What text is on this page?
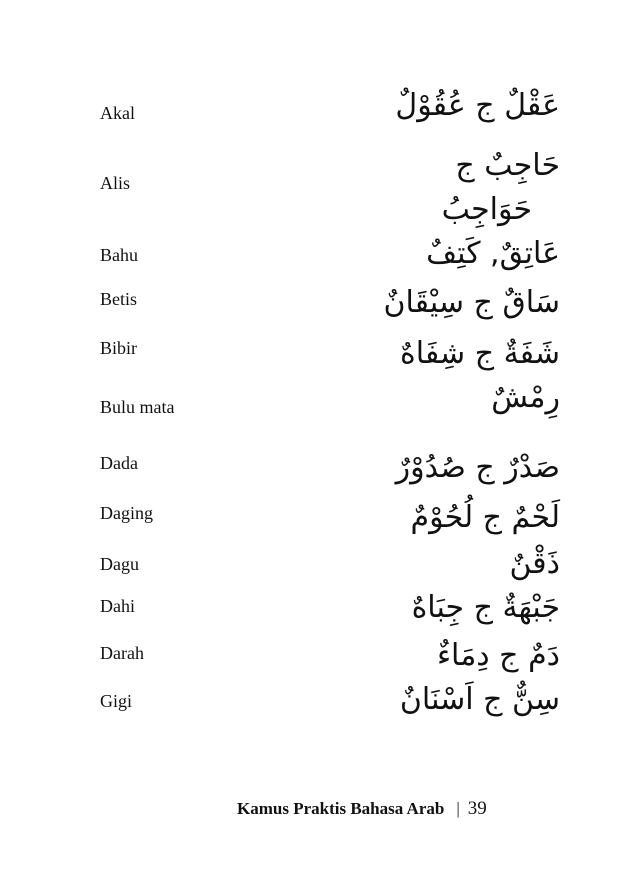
Akal	عَقْلٌ ج عُقُوْلٌ
Alis	حَاجِبٌ ج
حَوَاجِبُ
Bahu	عَاتِقٌ, كَتِفٌ
Betis	سَاقٌ ج سِيْقَانٌ
Bibir	شَفَةٌ ج شِفَاهٌ
Bulu mata	رِمْشٌ
Dada	صَدْرٌ ج صُدُوْرٌ
Daging	لَحْمٌ ج لُحُوْمٌ
Dagu	ذَقْنٌ
Dahi	جَبْهَةٌ ج جِبَاهٌ
Darah	دَمٌ ج دِمَاءٌ
Gigi	سِنٌّ ج اَسْنَانٌ
Kamus Praktis Bahasa Arab | 39
